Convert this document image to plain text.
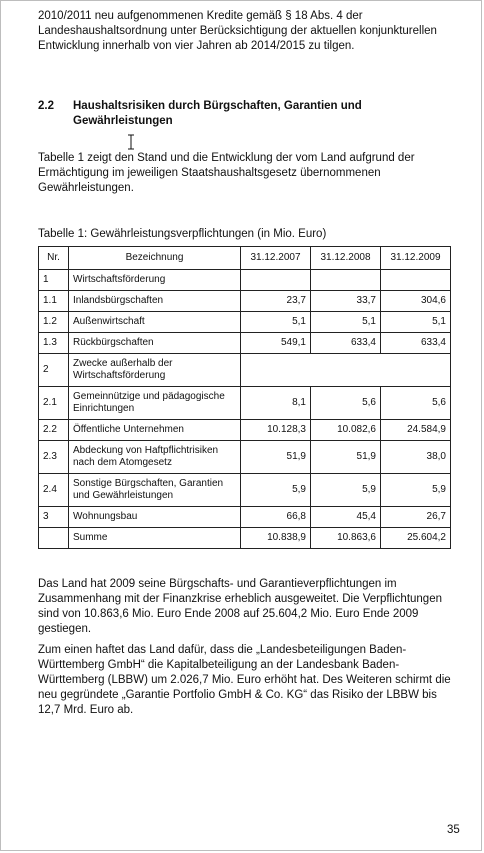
2010/2011 neu aufgenommenen Kredite gemäß § 18 Abs. 4 der Landeshaushaltsordnung unter Berücksichtigung der aktuellen konjunkturellen Entwicklung innerhalb von vier Jahren ab 2014/2015 zu tilgen.

2.2 Haushaltsrisiken durch Bürgschaften, Garantien und Gewährleistungen

Tabelle 1 zeigt den Stand und die Entwicklung der vom Land aufgrund der Ermächtigung im jeweiligen Staatshaushaltsgesetz übernommenen Gewährleistungen.

Tabelle 1: Gewährleistungsverpflichtungen (in Mio. Euro)
Nr.	Bezeichnung	31.12.2007	31.12.2008	31.12.2009
1	Wirtschaftsförderung			
1.1	Inlandsbürgschaften	23,7	33,7	304,6
1.2	Außenwirtschaft	5,1	5,1	5,1
1.3	Rückbürgschaften	549,1	633,4	633,4
2	Zwecke außerhalb der Wirtschaftsförderung			
2.1	Gemeinnützige und pädagogische Einrichtungen	8,1	5,6	5,6
2.2	Öffentliche Unternehmen	10.128,3	10.082,6	24.584,9
2.3	Abdeckung von Haftpflichtrisiken nach dem Atomgesetz	51,9	51,9	38,0
2.4	Sonstige Bürgschaften, Garantien und Gewährleistungen	5,9	5,9	5,9
3	Wohnungsbau	66,8	45,4	26,7
	Summe	10.838,9	10.863,6	25.604,2

Das Land hat 2009 seine Bürgschafts- und Garantieverpflichtungen im Zusammenhang mit der Finanzkrise erheblich ausgeweitet. Die Verpflichtungen sind von 10.863,6 Mio. Euro Ende 2008 auf 25.604,2 Mio. Euro Ende 2009 gestiegen.

Zum einen haftet das Land dafür, dass die „Landesbeteiligungen Baden-Württemberg GmbH“ die Kapitalbeteiligung an der Landesbank Baden-Württemberg (LBBW) um 2.026,7 Mio. Euro erhöht hat. Des Weiteren schirmt die neu gegründete „Garantie Portfolio GmbH & Co. KG“ das Risiko der LBBW bis 12,7 Mrd. Euro ab.

35
